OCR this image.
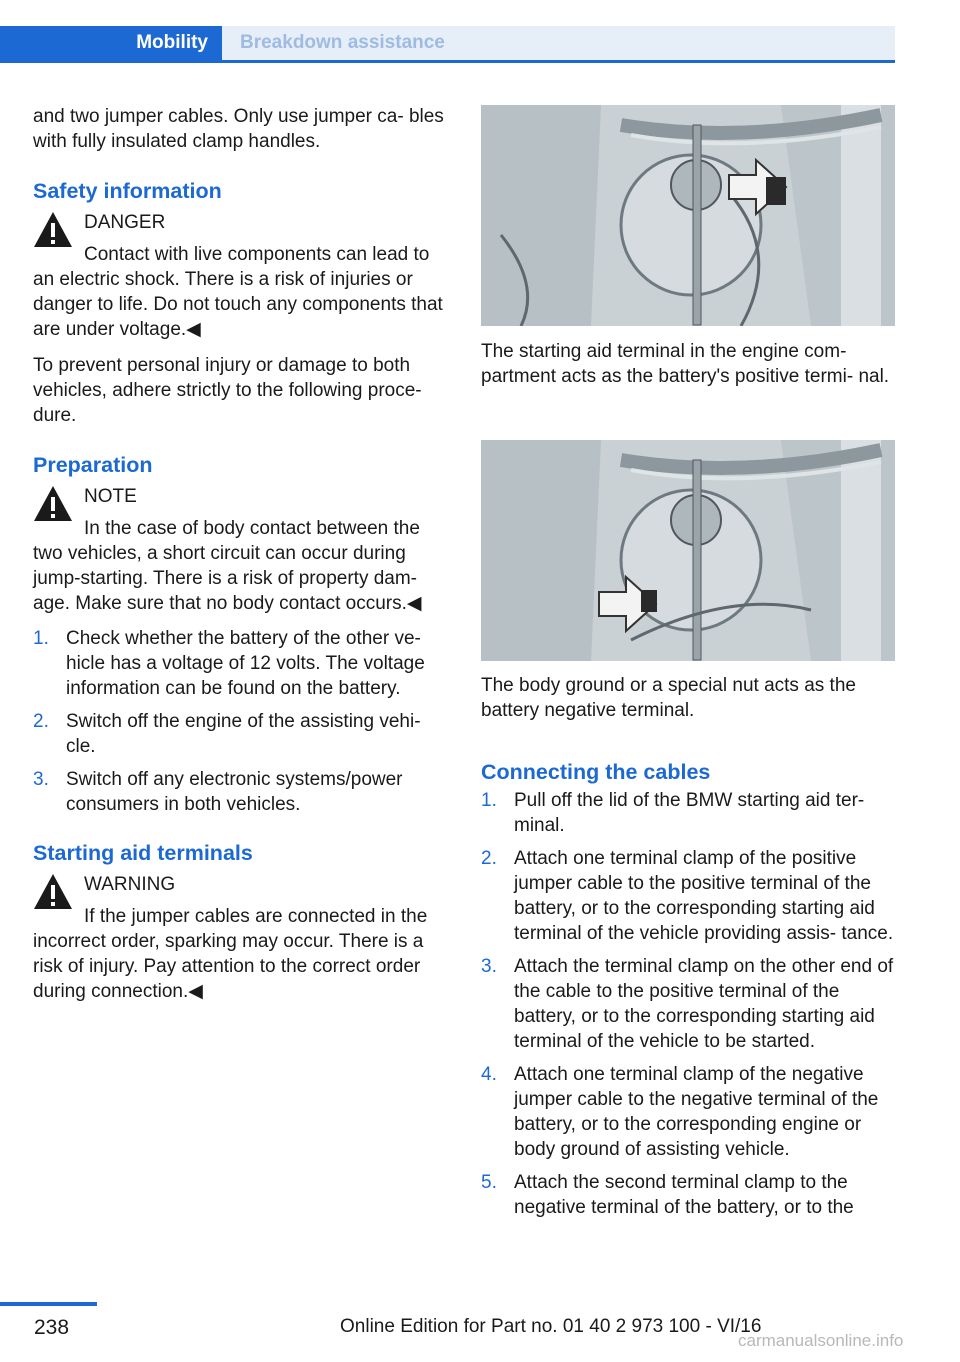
Mobility	Breakdown assistance

and two jumper cables. Only use jumper ca‐ bles with fully insulated clamp handles.

Safety information

DANGER

Contact with live components can lead to an electric shock. There is a risk of injuries or danger to life. Do not touch any components that are under voltage.◀

To prevent personal injury or damage to both vehicles, adhere strictly to the following proce‐ dure.

Preparation

NOTE

In the case of body contact between the two vehicles, a short circuit can occur during jump-starting. There is a risk of property dam‐ age. Make sure that no body contact occurs.◀

1. Check whether the battery of the other ve‐ hicle has a voltage of 12 volts. The voltage information can be found on the battery.
2. Switch off the engine of the assisting vehi‐ cle.
3. Switch off any electronic systems/power consumers in both vehicles.
Starting aid terminals

WARNING

If the jumper cables are connected in the incorrect order, sparking may occur. There is a risk of injury. Pay attention to the correct order during connection.◀

The starting aid terminal in the engine com‐ partment acts as the battery's positive termi‐ nal.

The body ground or a special nut acts as the battery negative terminal.

Connecting the cables
1. Pull off the lid of the BMW starting aid ter‐ minal.
2. Attach one terminal clamp of the positive jumper cable to the positive terminal of the battery, or to the corresponding starting aid terminal of the vehicle providing assis‐ tance.
3. Attach the terminal clamp on the other end of the cable to the positive terminal of the battery, or to the corresponding starting aid terminal of the vehicle to be started.
4. Attach one terminal clamp of the negative jumper cable to the negative terminal of the battery, or to the corresponding engine or body ground of assisting vehicle.
5. Attach the second terminal clamp to the negative terminal of the battery, or to the
238	Online Edition for Part no. 01 40 2 973 100 - VI/16
carmanualsonline.info
